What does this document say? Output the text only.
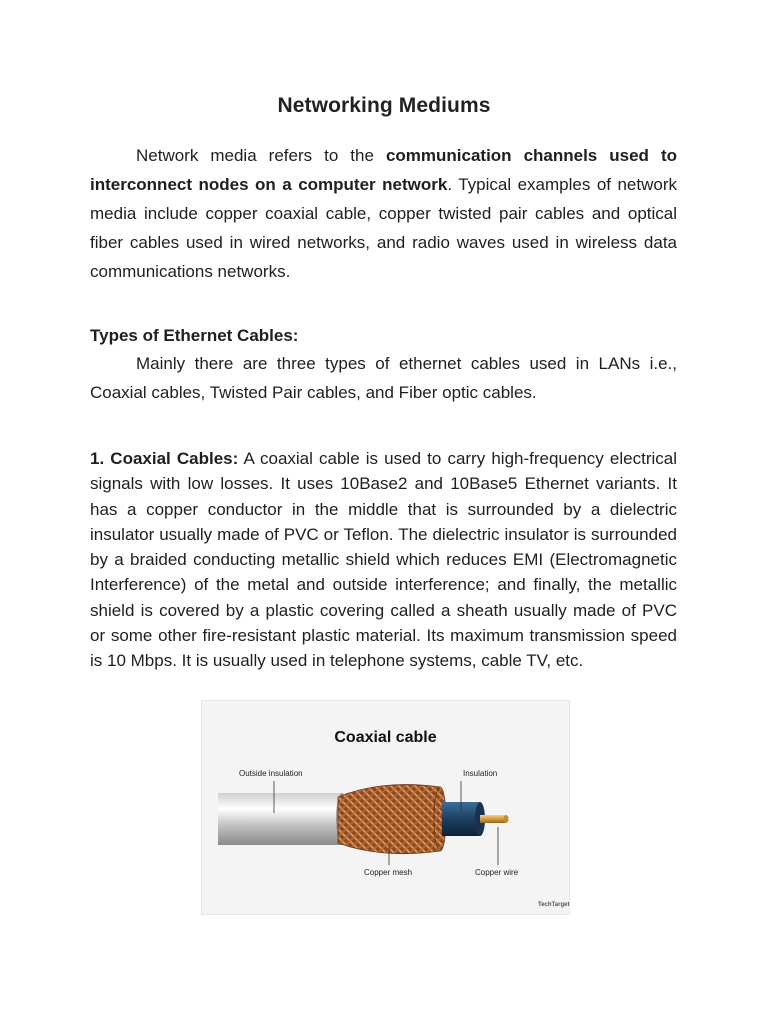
Networking Mediums
Network media refers to the communication channels used to interconnect nodes on a computer network. Typical examples of network media include copper coaxial cable, copper twisted pair cables and optical fiber cables used in wired networks, and radio waves used in wireless data communications networks.
Types of Ethernet Cables:
Mainly there are three types of ethernet cables used in LANs i.e., Coaxial cables, Twisted Pair cables, and Fiber optic cables.
1. Coaxial Cables: A coaxial cable is used to carry high-frequency electrical signals with low losses. It uses 10Base2 and 10Base5 Ethernet variants. It has a copper conductor in the middle that is surrounded by a dielectric insulator usually made of PVC or Teflon. The dielectric insulator is surrounded by a braided conducting metallic shield which reduces EMI (Electromagnetic Interference) of the metal and outside interference; and finally, the metallic shield is covered by a plastic covering called a sheath usually made of PVC or some other fire-resistant plastic material. Its maximum transmission speed is 10 Mbps. It is usually used in telephone systems, cable TV, etc.
Coaxial cable
Outside insulation	Insulation
Copper mesh	Copper wire
TechTarget
